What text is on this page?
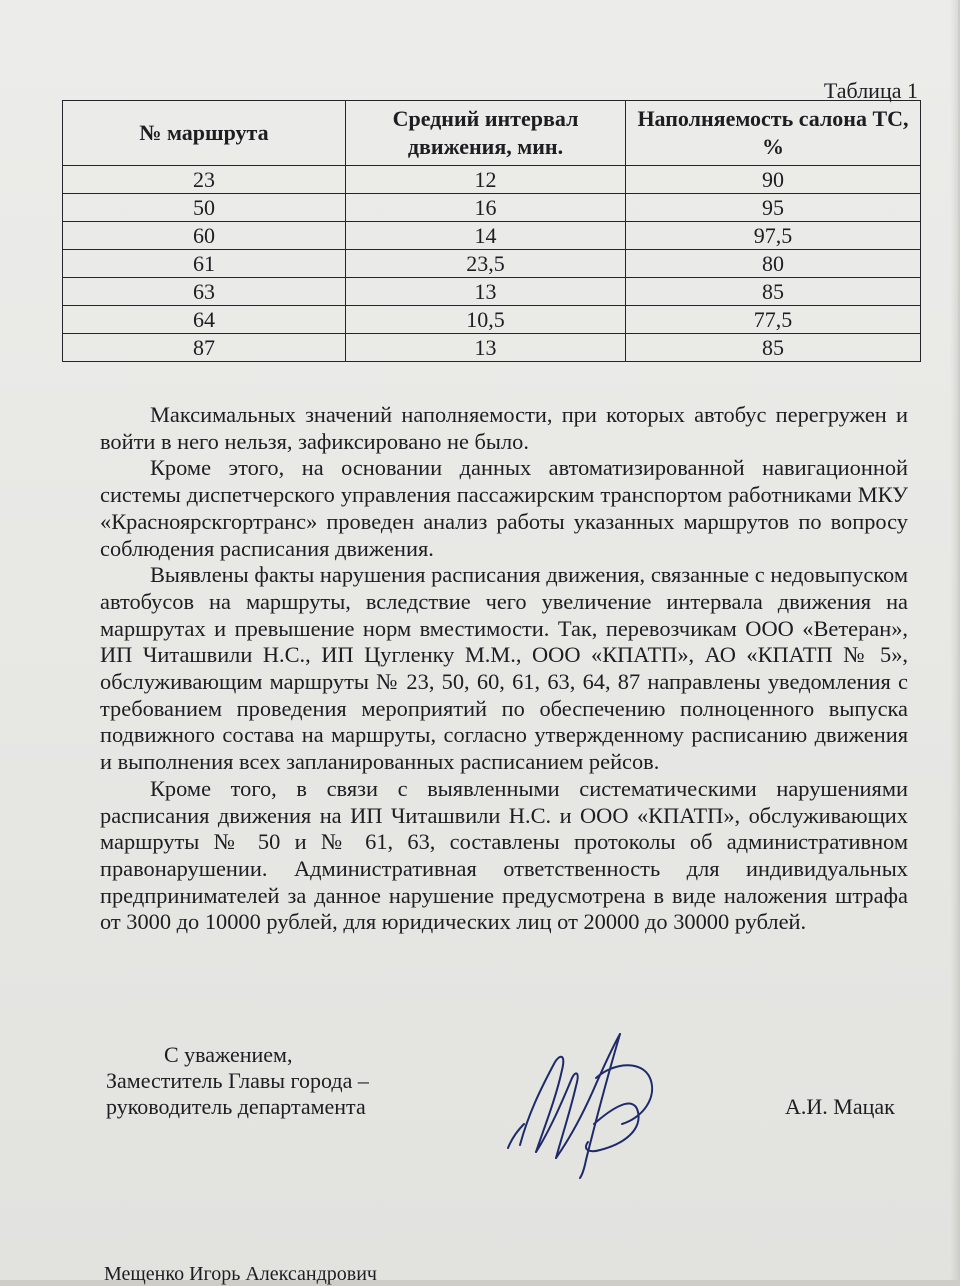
Таблица 1
№ маршрута	Средний интервал движения, мин.	Наполняемость салона ТС, %
23	12	90
50	16	95
60	14	97,5
61	23,5	80
63	13	85
64	10,5	77,5
87	13	85

Максимальных значений наполняемости, при которых автобус перегружен и войти в него нельзя, зафиксировано не было.

Кроме этого, на основании данных автоматизированной навигационной системы диспетчерского управления пассажирским транспортом работниками МКУ «Красноярскгортранс» проведен анализ работы указанных маршрутов по вопросу соблюдения расписания движения.

Выявлены факты нарушения расписания движения, связанные с недовыпуском автобусов на маршруты, вследствие чего увеличение интервала движения на маршрутах и превышение норм вместимости. Так, перевозчикам ООО «Ветеран», ИП Читашвили Н.С., ИП Цугленку М.М., ООО «КПАТП», АО «КПАТП № 5», обслуживающим маршруты № 23, 50, 60, 61, 63, 64, 87 направлены уведомления с требованием проведения мероприятий по обеспечению полноценного выпуска подвижного состава на маршруты, согласно утвержденному расписанию движения и выполнения всех запланированных расписанием рейсов.

Кроме того, в связи с выявленными систематическими нарушениями расписания движения на ИП Читашвили Н.С. и ООО «КПАТП», обслуживающих маршруты № 50 и № 61, 63, составлены протоколы об административном правонарушении. Административная ответственность для индивидуальных предпринимателей за данное нарушение предусмотрена в виде наложения штрафа от 3000 до 10000 рублей, для юридических лиц от 20000 до 30000 рублей.

С уважением,
Заместитель Главы города –
руководитель департамента	А.И. Мацак
Мещенко Игорь Александрович
